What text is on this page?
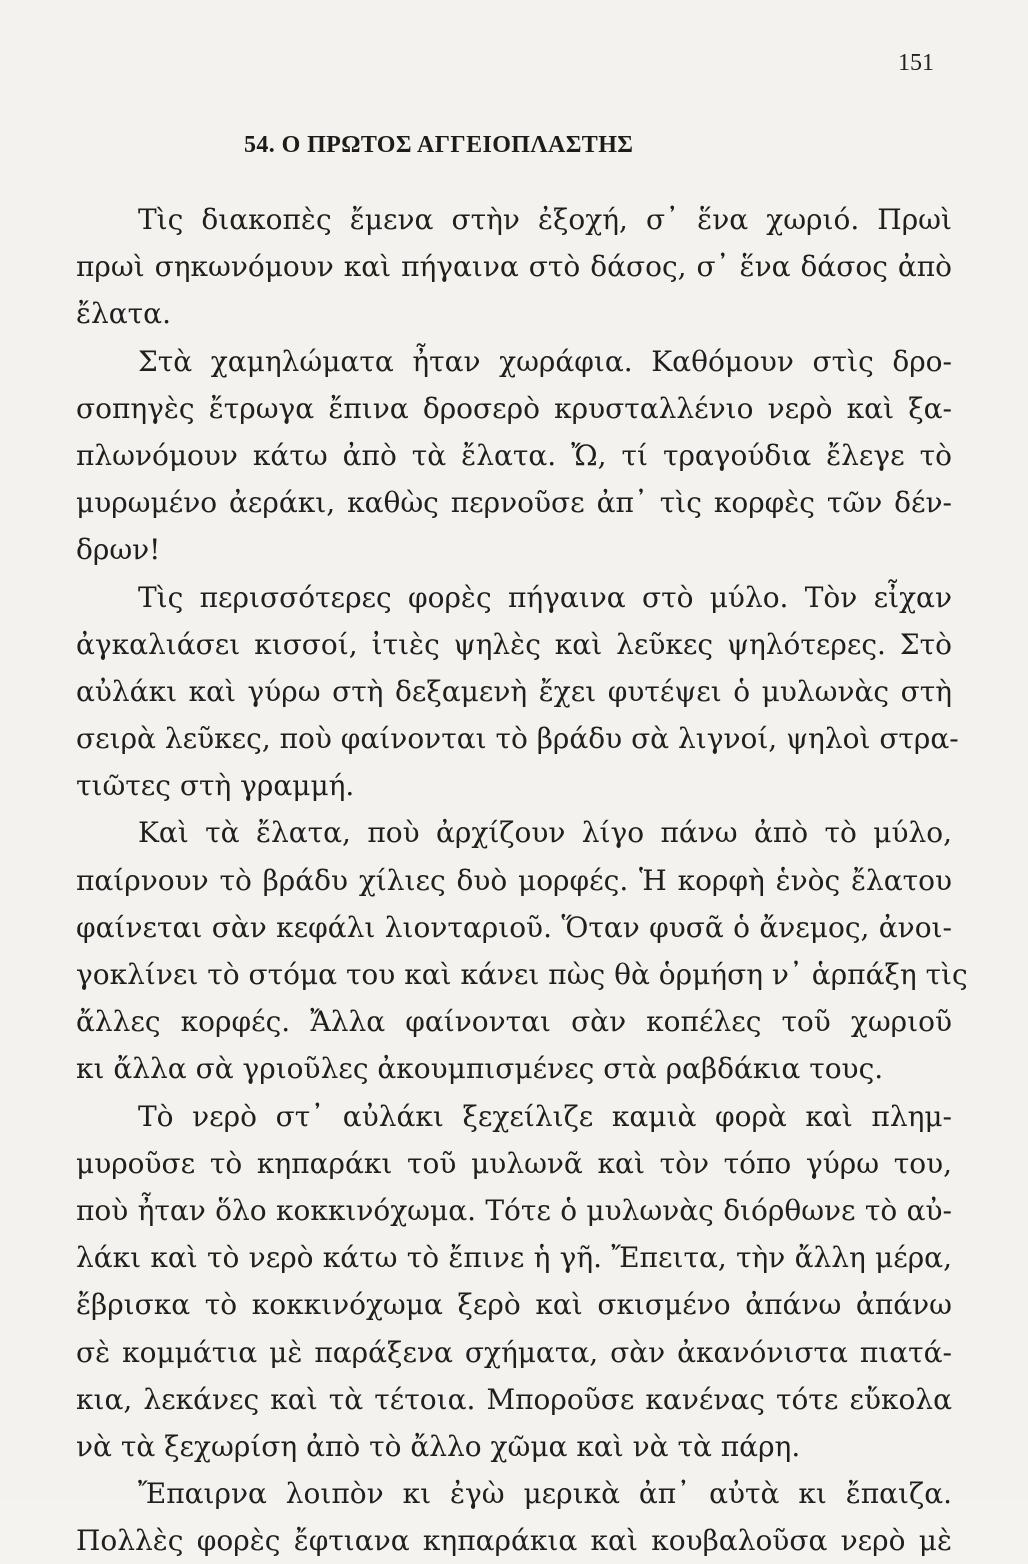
151
54. Ο ΠΡΩΤΟΣ ΑΓΓΕΙΟΠΛΑΣΤΗΣ
Τὶς διακοπὲς ἔμενα στὴν ἐξοχή, σ᾽ ἕνα χωριό. Πρωὶ
πρωὶ σηκωνόμουν καὶ πήγαινα στὸ δάσος, σ᾽ ἕνα δάσος ἀπὸ
ἔλατα.
Στὰ χαμηλώματα ἦταν χωράφια. Καθόμουν στὶς δρο-
σοπηγὲς ἔτρωγα ἔπινα δροσερὸ κρυσταλλένιο νερὸ καὶ ξα-
πλωνόμουν κάτω ἀπὸ τὰ ἔλατα. Ὤ, τί τραγούδια ἔλεγε τὸ
μυρωμένο ἀεράκι, καθὼς περνοῦσε ἀπ᾽ τὶς κορφὲς τῶν δέν-
δρων!
Τὶς περισσότερες φορὲς πήγαινα στὸ μύλο. Τὸν εἶχαν
ἀγκαλιάσει κισσοί, ἰτιὲς ψηλὲς καὶ λεῦκες ψηλότερες. Στὸ
αὐλάκι καὶ γύρω στὴ δεξαμενὴ ἔχει φυτέψει ὁ μυλωνὰς στὴ
σειρὰ λεῦκες, ποὺ φαίνονται τὸ βράδυ σὰ λιγνοί, ψηλοὶ στρα-
τιῶτες στὴ γραμμή.
Καὶ τὰ ἔλατα, ποὺ ἀρχίζουν λίγο πάνω ἀπὸ τὸ μύλο,
παίρνουν τὸ βράδυ χίλιες δυὸ μορφές. Ἡ κορφὴ ἑνὸς ἔλατου
φαίνεται σὰν κεφάλι λιονταριοῦ. Ὅταν φυσᾶ ὁ ἄνεμος, ἀνοι-
γοκλίνει τὸ στόμα του καὶ κάνει πὼς θὰ ὁρμήση ν᾽ ἁρπάξη τὶς
ἄλλες κορφές. Ἄλλα φαίνονται σὰν κοπέλες τοῦ χωριοῦ
κι ἄλλα σὰ γριοῦλες ἀκουμπισμένες στὰ ραβδάκια τους.
Τὸ νερὸ στ᾽ αὐλάκι ξεχείλιζε καμιὰ φορὰ καὶ πλημ-
μυροῦσε τὸ κηπαράκι τοῦ μυλωνᾶ καὶ τὸν τόπο γύρω του,
ποὺ ἦταν ὅλο κοκκινόχωμα. Τότε ὁ μυλωνὰς διόρθωνε τὸ αὐ-
λάκι καὶ τὸ νερὸ κάτω τὸ ἔπινε ἡ γῆ. Ἔπειτα, τὴν ἄλλη μέρα,
ἔβρισκα τὸ κοκκινόχωμα ξερὸ καὶ σκισμένο ἀπάνω ἀπάνω
σὲ κομμάτια μὲ παράξενα σχήματα, σὰν ἀκανόνιστα πιατά-
κια, λεκάνες καὶ τὰ τέτοια. Μποροῦσε κανένας τότε εὔκολα
νὰ τὰ ξεχωρίση ἀπὸ τὸ ἄλλο χῶμα καὶ νὰ τὰ πάρη.
Ἔπαιρνα λοιπὸν κι ἐγὼ μερικὰ ἀπ᾽ αὐτὰ κι ἔπαιζα.
Πολλὲς φορὲς ἔφτιανα κηπαράκια καὶ κουβαλοῦσα νερὸ μὲ
